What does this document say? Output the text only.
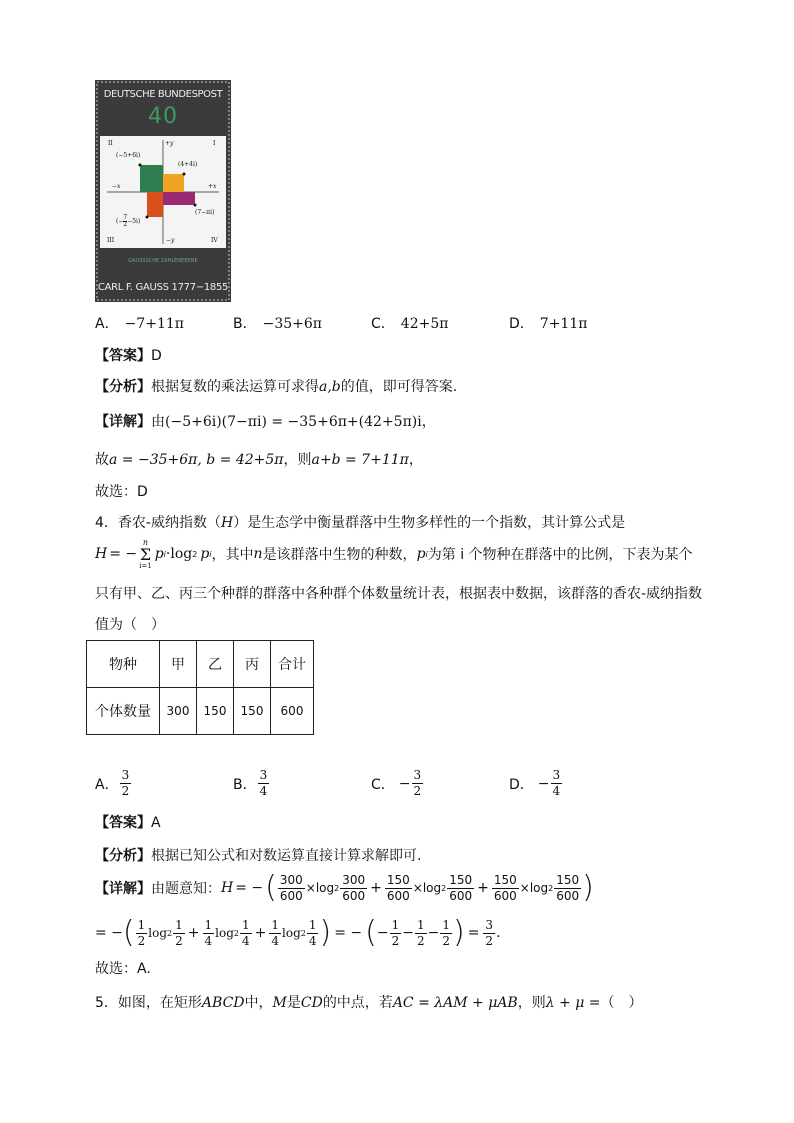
DEUTSCHE BUNDESPOST
40
II	I
III	IV
+y
−y
+x
−x
(−5+6i)
(4+4i)
(7−πi)
(− $\frac{7}{2} -5i$)
GAUSSSCHE ZAHLENEBENE
CARL F. GAUSS 1777−1855
A． −7+11π	B． −35+6π	C． 42+5π	D． 7+11π
【答案】D
【分析】根据复数的乘法运算可求得a,b的值，即可得答案.
【详解】由(−5+6i)(7−πi) = −35+6π+(42+5π)i，
故a = −35+6π, b = 42+5π，则a+b = 7+11π，
故选：D
4．香农-威纳指数（H）是生态学中衡量群落中生物多样性的一个指数，其计算公式是
H = −
n
Σ
i=1
p i ·log 2 p i ，其中 n 是该群落中生物的种数， p i 为第 i 个物种在群落中的比例，下表为某个
只有甲、乙、丙三个种群的群落中各种群个体数量统计表，根据表中数据，该群落的香农-威纳指数
值为（　）
物种	甲	乙	丙	合计
个体数量	300	150	150	600
A． $\frac{3}{2}$	B． $\frac{3}{4}$	C． − $\frac{3}{2}$	D． − $\frac{3}{4}$
【答案】A
【分析】根据已知公式和对数运算直接计算求解即可.
【详解】 由题意知： H = − ( $\frac{300}{600} \times\log$ $2 \frac{300}{600} + \frac{150}{600} \times\log$ $2 \frac{150}{600} + \frac{150}{600} \times\log$ $2 \frac{150}{600}$ )
= − ( $\frac{1}{2}$ $\log 2 \frac{1}{2} + \frac{1}{4}$ $\log 2 \frac{1}{4} + \frac{1}{4}$ $\log 2 \frac{1}{4}$ ) = − ( − $\frac{1}{2} - \frac{1}{2} - \frac{1}{2}$ ) = $\frac{3}{2}$ .
故选：A.
5．如图，在矩形ABCD中，M是CD的中点，若AC = λAM + μAB，则λ + μ =（　）
